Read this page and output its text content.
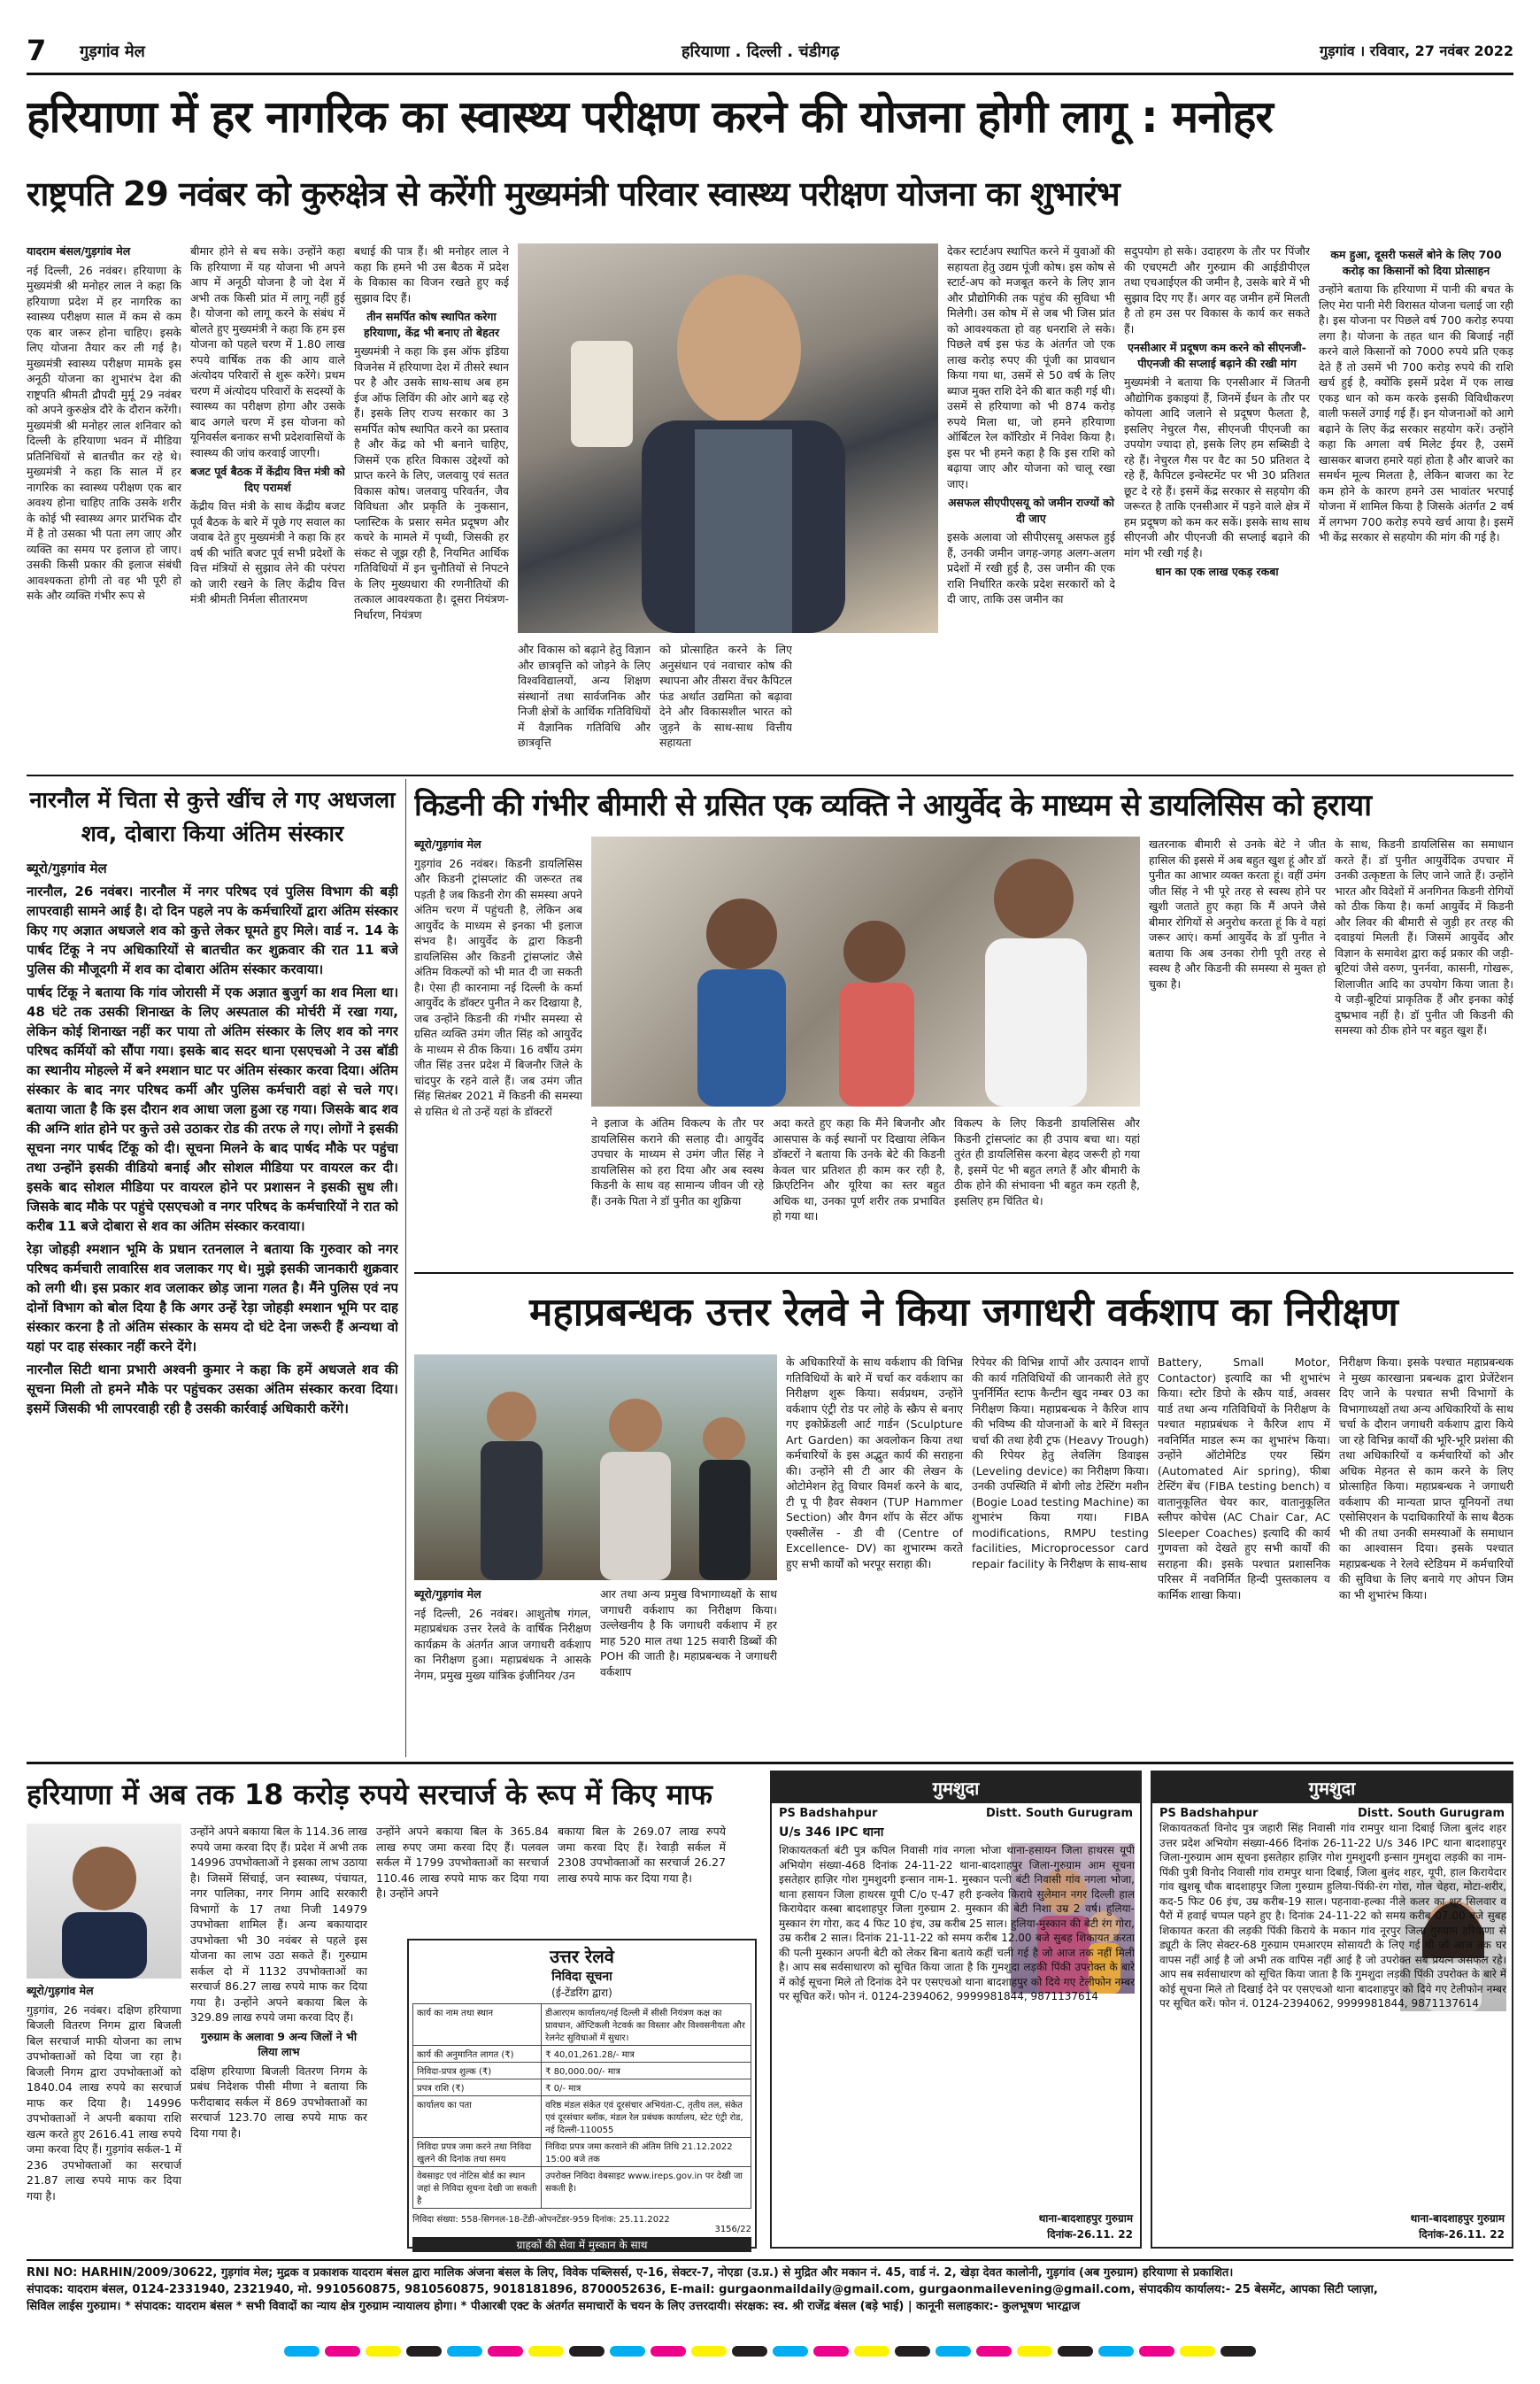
7 गुड़गांव मेल	हरियाणा . दिल्ली . चंडीगढ़	गुड़गांव । रविवार, 27 नवंबर 2022
हरियाणा में हर नागरिक का स्वास्थ्य परीक्षण करने की योजना होगी लागू : मनोहर
राष्ट्रपति 29 नवंबर को कुरुक्षेत्र से करेंगी मुख्यमंत्री परिवार स्वास्थ्य परीक्षण योजना का शुभारंभ

यादराम बंसल/गुड़गांव मेल

नई दिल्ली, 26 नवंबर। हरियाणा के मुख्यमंत्री श्री मनोहर लाल ने कहा कि हरियाणा प्रदेश में हर नागरिक का स्वास्थ्य परीक्षण साल में कम से कम एक बार जरूर होना चाहिए। इसके लिए योजना तैयार कर ली गई है। मुख्यमंत्री स्वास्थ्य परीक्षण मामके इस अनूठी योजना का शुभारंभ देश की राष्ट्रपति श्रीमती द्रौपदी मुर्मू 29 नवंबर को अपने कुरुक्षेत्र दौरे के दौरान करेंगी। मुख्यमंत्री श्री मनोहर लाल शनिवार को दिल्ली के हरियाणा भवन में मीडिया प्रतिनिधियों से बातचीत कर रहे थे। मुख्यमंत्री ने कहा कि साल में हर नागरिक का स्वास्थ्य परीक्षण एक बार अवश्य होना चाहिए ताकि उसके शरीर के कोई भी स्वास्थ्य अगर प्रारंभिक दौर में है तो उसका भी पता लग जाए और व्यक्ति का समय पर इलाज हो जाए। उसकी किसी प्रकार की इलाज संबंधी आवश्यकता होगी तो वह भी पूरी हो सके और व्यक्ति गंभीर रूप से

बीमार होने से बच सके। उन्होंने कहा कि हरियाणा में यह योजना भी अपने आप में अनूठी योजना है जो देश में अभी तक किसी प्रांत में लागू नहीं हुई है। योजना को लागू करने के संबंध में बोलते हुए मुख्यमंत्री ने कहा कि हम इस योजना को पहले चरण में 1.80 लाख रुपये वार्षिक तक की आय वाले अंत्योदय परिवारों से शुरू करेंगे। प्रथम चरण में अंत्योदय परिवारों के सदस्यों के स्वास्थ्य का परीक्षण होगा और उसके बाद अगले चरण में इस योजना को यूनिवर्सल बनाकर सभी प्रदेशवासियों के स्वास्थ्य की जांच करवाई जाएगी।

बजट पूर्व बैठक में केंद्रीय वित्त मंत्री को दिए परामर्श

केंद्रीय वित्त मंत्री के साथ केंद्रीय बजट पूर्व बैठक के बारे में पूछे गए सवाल का जवाब देते हुए मुख्यमंत्री ने कहा कि हर वर्ष की भांति बजट पूर्व सभी प्रदेशों के वित्त मंत्रियों से सुझाव लेने की परंपरा को जारी रखने के लिए केंद्रीय वित्त मंत्री श्रीमती निर्मला सीतारमण

बधाई की पात्र हैं। श्री मनोहर लाल ने कहा कि हमने भी उस बैठक में प्रदेश के विकास का विजन रखते हुए कई सुझाव दिए हैं।

तीन समर्पित कोष स्थापित करेगा हरियाणा, केंद्र भी बनाए तो बेहतर

मुख्यमंत्री ने कहा कि इस ऑफ इंडिया विजनेस में हरियाणा देश में तीसरे स्थान पर है और उसके साथ-साथ अब हम ईज ऑफ लिविंग की ओर आगे बढ़ रहे हैं। इसके लिए राज्य सरकार का 3 समर्पित कोष स्थापित करने का प्रस्ताव है और केंद्र को भी बनाने चाहिए, जिसमें एक हरित विकास उद्देश्यों को प्राप्त करने के लिए, जलवायु एवं सतत विकास कोष। जलवायु परिवर्तन, जैव विविधता और प्रकृति के नुकसान, प्लास्टिक के प्रसार समेत प्रदूषण और कचरे के मामले में पृथ्वी, जिसकी हर संकट से जूझ रही है, नियमित आर्थिक गतिविधियों में इन चुनौतियों से निपटने के लिए मुख्यधारा की रणनीतियों की तत्काल आवश्यकता है। दूसरा नियंत्रण-निर्धारण, नियंत्रण

और विकास को बढ़ाने हेतु विज्ञान और छात्रवृत्ति को जोड़ने के लिए विश्वविद्यालयों, अन्य शिक्षण संस्थानों तथा सार्वजनिक और निजी क्षेत्रों के आर्थिक गतिविधियों में वैज्ञानिक गतिविधि और छात्रवृत्ति

को प्रोत्साहित करने के लिए अनुसंधान एवं नवाचार कोष की स्थापना और तीसरा वेंचर कैपिटल फंड अर्थात उद्यमिता को बढ़ावा देने और विकासशील भारत को जुड़ने के साथ-साथ वित्तीय सहायता

देकर स्टार्टअप स्थापित करने में युवाओं की सहायता हेतु उद्यम पूंजी कोष। इस कोष से स्टार्ट-अप को मजबूत करने के लिए ज्ञान और प्रौद्योगिकी तक पहुंच की सुविधा भी मिलेगी। उस कोष में से जब भी जिस प्रांत को आवश्यकता हो वह धनराशि ले सके। पिछले वर्ष इस फंड के अंतर्गत जो एक लाख करोड़ रुपए की पूंजी का प्रावधान किया गया था, उसमें से 50 वर्ष के लिए ब्याज मुक्त राशि देने की बात कही गई थी। उसमें से हरियाणा को भी 874 करोड़ रुपये मिला था, जो हमने हरियाणा ऑर्बिटल रेल कॉरिडोर में निवेश किया है। इस पर भी हमने कहा है कि इस राशि को बढ़ाया जाए और योजना को चालू रखा जाए।

असफल सीएपीएसयू को जमीन राज्यों को दी जाए

इसके अलावा जो सीपीएसयू असफल हुई हैं, उनकी जमीन जगह-जगह अलग-अलग प्रदेशों में रखी हुई है, उस जमीन की एक राशि निर्धारित करके प्रदेश सरकारों को दे दी जाए, ताकि उस जमीन का

सदुपयोग हो सके। उदाहरण के तौर पर पिंजौर की एचएमटी और गुरुग्राम की आईडीपीएल तथा एचआईएल की जमीन है, उसके बारे में भी सुझाव दिए गए हैं। अगर वह जमीन हमें मिलती है तो हम उस पर विकास के कार्य कर सकते हैं।

एनसीआर में प्रदूषण कम करने को सीएनजी-पीएनजी की सप्लाई बढ़ाने की रखी मांग

मुख्यमंत्री ने बताया कि एनसीआर में जितनी औद्योगिक इकाइयां हैं, जिनमें ईंधन के तौर पर कोयला आदि जलाने से प्रदूषण फैलता है, इसलिए नेचुरल गैस, सीएनजी पीएनजी का उपयोग ज्यादा हो, इसके लिए हम सब्सिडी दे रहे हैं। नेचुरल गैस पर वैट का 50 प्रतिशत दे रहे हैं, कैपिटल इन्वेस्टमेंट पर भी 30 प्रतिशत छूट दे रहे हैं। इसमें केंद्र सरकार से सहयोग की जरूरत है ताकि एनसीआर में पड़ने वाले क्षेत्र में हम प्रदूषण को कम कर सकें। इसके साथ साथ सीएनजी और पीएनजी की सप्लाई बढ़ाने की मांग भी रखी गई है।

धान का एक लाख एकड़ रकबा

कम हुआ, दूसरी फसलें बोने के लिए 700 करोड़ का किसानों को दिया प्रोत्साहन

उन्होंने बताया कि हरियाणा में पानी की बचत के लिए मेरा पानी मेरी विरासत योजना चलाई जा रही है। इस योजना पर पिछले वर्ष 700 करोड़ रुपया लगा है। योजना के तहत धान की बिजाई नहीं करने वाले किसानों को 7000 रुपये प्रति एकड़ देते हैं तो उसमें भी 700 करोड़ रुपये की राशि खर्च हुई है, क्योंकि इसमें प्रदेश में एक लाख एकड़ धान को कम करके इसकी विविधीकरण वाली फसलें उगाई गई हैं। इन योजनाओं को आगे बढ़ाने के लिए केंद्र सरकार सहयोग करें। उन्होंने कहा कि अगला वर्ष मिलेट ईयर है, उसमें खासकर बाजरा हमारे यहां होता है और बाजरे का समर्थन मूल्य मिलता है, लेकिन बाजरा का रेट कम होने के कारण हमने उस भावांतर भरपाई योजना में शामिल किया है जिसके अंतर्गत 2 वर्ष में लगभग 700 करोड़ रुपये खर्च आया है। इसमें भी केंद्र सरकार से सहयोग की मांग की गई है।

नारनौल में चिता से कुत्ते खींच ले गए अधजला शव, दोबारा किया अंतिम संस्कार

ब्यूरो/गुड़गांव मेल

नारनौल, 26 नवंबर। नारनौल में नगर परिषद एवं पुलिस विभाग की बड़ी लापरवाही सामने आई है। दो दिन पहले नप के कर्मचारियों द्वारा अंतिम संस्कार किए गए अज्ञात अधजले शव को कुत्ते लेकर घूमते हुए मिले। वार्ड न. 14 के पार्षद टिंकू ने नप अधिकारियों से बातचीत कर शुक्रवार की रात 11 बजे पुलिस की मौजूदगी में शव का दोबारा अंतिम संस्कार करवाया।

पार्षद टिंकू ने बताया कि गांव जोरासी में एक अज्ञात बुजुर्ग का शव मिला था। 48 घंटे तक उसकी शिनाख्त के लिए अस्पताल की मोर्चरी में रखा गया, लेकिन कोई शिनाख्त नहीं कर पाया तो अंतिम संस्कार के लिए शव को नगर परिषद कर्मियों को सौंपा गया। इसके बाद सदर थाना एसएचओ ने उस बॉडी का स्थानीय मोहल्ले में बने श्मशान घाट पर अंतिम संस्कार करवा दिया। अंतिम संस्कार के बाद नगर परिषद कर्मी और पुलिस कर्मचारी वहां से चले गए। बताया जाता है कि इस दौरान शव आधा जला हुआ रह गया। जिसके बाद शव की अग्नि शांत होने पर कुत्ते उसे उठाकर रोड की तरफ ले गए। लोगों ने इसकी सूचना नगर पार्षद टिंकू को दी। सूचना मिलने के बाद पार्षद मौके पर पहुंचा तथा उन्होंने इसकी वीडियो बनाई और सोशल मीडिया पर वायरल कर दी। इसके बाद सोशल मीडिया पर वायरल होने पर प्रशासन ने इसकी सुध ली। जिसके बाद मौके पर पहुंचे एसएचओ व नगर परिषद के कर्मचारियों ने रात को करीब 11 बजे दोबारा से शव का अंतिम संस्कार करवाया।

रेड़ा जोहड़ी श्मशान भूमि के प्रधान रतनलाल ने बताया कि गुरुवार को नगर परिषद कर्मचारी लावारिस शव जलाकर गए थे। मुझे इसकी जानकारी शुक्रवार को लगी थी। इस प्रकार शव जलाकर छोड़ जाना गलत है। मैंने पुलिस एवं नप दोनों विभाग को बोल दिया है कि अगर उन्हें रेड़ा जोहड़ी श्मशान भूमि पर दाह संस्कार करना है तो अंतिम संस्कार के समय दो घंटे देना जरूरी हैं अन्यथा वो यहां पर दाह संस्कार नहीं करने देंगे।

नारनौल सिटी थाना प्रभारी अश्वनी कुमार ने कहा कि हमें अधजले शव की सूचना मिली तो हमने मौके पर पहुंचकर उसका अंतिम संस्कार करवा दिया। इसमें जिसकी भी लापरवाही रही है उसकी कार्रवाई अधिकारी करेंगे।

किडनी की गंभीर बीमारी से ग्रसित एक व्यक्ति ने आयुर्वेद के माध्यम से डायलिसिस को हराया

ब्यूरो/गुड़गांव मेल

गुड़गांव 26 नवंबर। किडनी डायलिसिस और किडनी ट्रांसप्लांट की जरूरत तब पड़ती है जब किडनी रोग की समस्या अपने अंतिम चरण में पहुंचती है, लेकिन अब आयुर्वेद के माध्यम से इनका भी इलाज संभव है। आयुर्वेद के द्वारा किडनी डायलिसिस और किडनी ट्रांसप्लांट जैसे अंतिम विकल्पों को भी मात दी जा सकती है। ऐसा ही कारनामा नई दिल्ली के कर्मा आयुर्वेद के डॉक्टर पुनीत ने कर दिखाया है, जब उन्होंने किडनी की गंभीर समस्या से ग्रसित व्यक्ति उमंग जीत सिंह को आयुर्वेद के माध्यम से ठीक किया। 16 वर्षीय उमंग जीत सिंह उत्तर प्रदेश में बिजनौर जिले के चांदपुर के रहने वाले हैं। जब उमंग जीत सिंह सितंबर 2021 में किडनी की समस्या से ग्रसित थे तो उन्हें यहां के डॉक्टरों

ने इलाज के अंतिम विकल्प के तौर पर डायलिसिस कराने की सलाह दी। आयुर्वेद उपचार के माध्यम से उमंग जीत सिंह ने डायलिसिस को हरा दिया और अब स्वस्थ किडनी के साथ वह सामान्य जीवन जी रहे हैं। उनके पिता ने डॉ पुनीत का शुक्रिया

अदा करते हुए कहा कि मैंने बिजनौर और आसपास के कई स्थानों पर दिखाया लेकिन डॉक्टरों ने बताया कि उनके बेटे की किडनी केवल चार प्रतिशत ही काम कर रही है, क्रिएटिनिन और यूरिया का स्तर बहुत अधिक था, उनका पूर्ण शरीर तक प्रभावित हो गया था।

विकल्प के लिए किडनी डायलिसिस और किडनी ट्रांसप्लांट का ही उपाय बचा था। यहां तुरंत ही डायलिसिस करना बेहद जरूरी हो गया है, इसमें पेट भी बहुत लगते हैं और बीमारी के ठीक होने की संभावना भी बहुत कम रहती है, इसलिए हम चिंतित थे।

खतरनाक बीमारी से उनके बेटे ने जीत हासिल की इससे में अब बहुत खुश हूं और डॉ पुनीत का आभार व्यक्त करता हूं। वहीं उमंग जीत सिंह ने भी पूरे तरह से स्वस्थ होने पर खुशी जताते हुए कहा कि मैं अपने जैसे बीमार रोगियों से अनुरोध करता हूं कि वे यहां जरूर आएं। कर्मा आयुर्वेद के डॉ पुनीत ने बताया कि अब उनका रोगी पूरी तरह से स्वस्थ है और किडनी की समस्या से मुक्त हो चुका है।

के साथ, किडनी डायलिसिस का समाधान करते हैं। डॉ पुनीत आयुर्वेदिक उपचार में उनकी उत्कृष्टता के लिए जाने जाते हैं। उन्होंने भारत और विदेशों में अनगिनत किडनी रोगियों को ठीक किया है। कर्मा आयुर्वेद में किडनी और लिवर की बीमारी से जुड़ी हर तरह की दवाइयां मिलती हैं। जिसमें आयुर्वेद और विज्ञान के समावेश द्वारा कई प्रकार की जड़ी-बूटियां जैसे वरुण, पुनर्नवा, कासनी, गोखरू, शिलाजीत आदि का उपयोग किया जाता है। ये जड़ी-बूटियां प्राकृतिक हैं और इनका कोई दुष्प्रभाव नहीं है। डॉ पुनीत जी किडनी की समस्या को ठीक होने पर बहुत खुश हैं।

महाप्रबन्धक उत्तर रेलवे ने किया जगाधरी वर्कशाप का निरीक्षण

ब्यूरो/गुड़गांव मेल

नई दिल्ली, 26 नवंबर। आशुतोष गंगल, महाप्रबंधक उत्तर रेलवे के वार्षिक निरीक्षण कार्यक्रम के अंतर्गत आज जगाधरी वर्कशाप का निरीक्षण हुआ। महाप्रबंधक ने आसके नेगम, प्रमुख मुख्य यांत्रिक इंजीनियर /उन

आर तथा अन्य प्रमुख विभागाध्यक्षों के साथ जगाधरी वर्कशाप का निरीक्षण किया। उल्लेखनीय है कि जगाधरी वर्कशाप में हर माह 520 माल तथा 125 सवारी डिब्बों की POH की जाती है। महाप्रबन्धक ने जगाधरी वर्कशाप

के अधिकारियों के साथ वर्कशाप की विभिन्न गतिविधियों के बारे में चर्चा कर वर्कशाप का निरीक्षण शुरू किया। सर्वप्रथम, उन्होंने वर्कशाप एंट्री रोड पर लोहे के स्क्रैप से बनाए गए इकोफ्रेंडली आर्ट गार्डन (Sculpture Art Garden) का अवलोकन किया तथा कर्मचारियों के इस अद्भुत कार्य की सराहना की। उन्होंने सी टी आर की लेखन के ओटोमेशन हेतु विचार विमर्श करने के बाद, टी पू पी हैवर सेक्शन (TUP Hammer Section) और वैगन शॉप के सेंटर ऑफ एक्सीलेंस - डी वी (Centre of Excellence- DV) का शुभारम्भ करते हुए सभी कार्यों को भरपूर सराहा की।

रिपेयर की विभिन्न शापों और उत्पादन शापों की कार्य गतिविधियों की जानकारी लेते हुए पुनर्निर्मित स्टाफ कैन्टीन खुद नम्बर 03 का निरीक्षण किया। महाप्रबन्धक ने कैरिज शाप की भविष्य की योजनाओं के बारे में विस्तृत चर्चा की तथा हेवी ट्रफ (Heavy Trough) की रिपेयर हेतु लेवलिंग डिवाइस (Leveling device) का निरीक्षण किया। उनकी उपस्थिति में बोगी लोड टेस्टिंग मशीन (Bogie Load testing Machine) का शुभारंभ किया गया। FIBA modifications, RMPU testing facilities, Microprocessor card repair facility के निरीक्षण के साथ-साथ

Battery, Small Motor, Contactor) इत्यादि का भी शुभारंभ किया। स्टोर डिपो के स्क्रैप यार्ड, अवसर यार्ड तथा अन्य गतिविधियों के निरीक्षण के पश्चात महाप्रबंधक ने कैरिज शाप में नवनिर्मित माडल रूम का शुभारंभ किया। उन्होंने ऑटोमेटिड एयर स्प्रिंग (Automated Air spring), फीबा टेस्टिंग बेंच (FIBA testing bench) व वातानुकूलित चेयर कार, वातानुकूलित स्लीपर कोचेस (AC Chair Car, AC Sleeper Coaches) इत्यादि की कार्य गुणवत्ता को देखते हुए सभी कार्यों की सराहना की। इसके पश्चात प्रशासनिक परिसर में नवनिर्मित हिन्दी पुस्तकालय व कार्मिक शाखा किया।

निरीक्षण किया। इसके पश्चात महाप्रबन्धक ने मुख्य कारखाना प्रबन्धक द्वारा प्रेजेंटेशन दिए जाने के पश्चात सभी विभागों के विभागाध्यक्षों तथा अन्य अधिकारियों के साथ चर्चा के दौरान जगाधरी वर्कशाप द्वारा किये जा रहे विभिन्न कार्यों की भूरि-भूरि प्रशंसा की तथा अधिकारियों व कर्मचारियों को और अधिक मेहनत से काम करने के लिए प्रोत्साहित किया। महाप्रबन्धक ने जगाधरी वर्कशाप की मान्यता प्राप्त यूनियनों तथा एसोसिएशन के पदाधिकारियों के साथ बैठक भी की तथा उनकी समस्याओं के समाधान का आश्वासन दिया। इसके पश्चात महाप्रबन्धक ने रेलवे स्टेडियम में कर्मचारियों की सुविधा के लिए बनाये गए ओपन जिम का भी शुभारंभ किया।

हरियाणा में अब तक 18 करोड़ रुपये सरचार्ज के रूप में किए माफ

ब्यूरो/गुड़गांव मेल

गुड़गांव, 26 नवंबर। दक्षिण हरियाणा बिजली वितरण निगम द्वारा बिजली बिल सरचार्ज माफी योजना का लाभ उपभोक्ताओं को दिया जा रहा है। बिजली निगम द्वारा उपभोक्ताओं को 1840.04 लाख रुपये का सरचार्ज माफ कर दिया है। 14996 उपभोक्ताओं ने अपनी बकाया राशि खत्म करते हुए 2616.41 लाख रुपये जमा करवा दिए हैं। गुड़गांव सर्कल-1 में 236 उपभोक्ताओं का सरचार्ज 21.87 लाख रुपये माफ कर दिया गया है।

उन्होंने अपने बकाया बिल के 114.36 लाख रुपये जमा करवा दिए हैं। प्रदेश में अभी तक 14996 उपभोक्ताओं ने इसका लाभ उठाया है। जिसमें सिंचाई, जन स्वास्थ्य, पंचायत, नगर पालिका, नगर निगम आदि सरकारी विभागों के 17 तथा निजी 14979 उपभोक्ता शामिल हैं। अन्य बकायादार उपभोक्ता भी 30 नवंबर से पहले इस योजना का लाभ उठा सकते हैं। गुरुग्राम सर्कल दो में 1132 उपभोक्ताओं का सरचार्ज 86.27 लाख रुपये माफ कर दिया गया है। उन्होंने अपने बकाया बिल के 329.89 लाख रुपये जमा करवा दिए हैं।

गुरुग्राम के अलावा 9 अन्य जिलों ने भी लिया लाभ

दक्षिण हरियाणा बिजली वितरण निगम के प्रबंध निदेशक पीसी मीणा ने बताया कि फरीदाबाद सर्कल में 869 उपभोक्ताओं का सरचार्ज 123.70 लाख रुपये माफ कर दिया गया है।

उन्होंने अपने बकाया बिल के 365.84 लाख रुपए जमा करवा दिए हैं। पलवल सर्कल में 1799 उपभोक्ताओं का सरचार्ज 110.46 लाख रुपये माफ कर दिया गया है। उन्होंने अपने

बकाया बिल के 269.07 लाख रुपये जमा करवा दिए हैं। रेवाड़ी सर्कल में 2308 उपभोक्ताओं का सरचार्ज 26.27 लाख रुपये माफ कर दिया गया है।

उत्तर रेलवे
निविदा सूचना
(ई-टेंडरिंग द्वारा)
कार्य का नाम तथा स्थान	डीआरएम कार्यालय/नई दिल्ली में सीसी नियंत्रण कक्ष का प्रावधान, ऑप्टिकली नेटवर्क का विस्तार और विश्वसनीयता और रेलनेट सुविधाओं में सुधार।
कार्य की अनुमानित लागत (₹)	₹ 40,01,261.28/- मात्र
निविदा-प्रपत्र शुल्क (₹)	₹ 80,000.00/- मात्र
प्रपत्र राशि (₹)	₹ 0/- मात्र
कार्यालय का पता	वरिष्ठ मंडल संकेत एवं दूरसंचार अभियंता-C, तृतीय तल, संकेत एवं दूरसंचार ब्लॉक, मंडल रेल प्रबंधक कार्यालय, स्टेट एंट्री रोड, नई दिल्ली-110055
निविदा प्रपत्र जमा करने तथा निविदा खुलने की दिनांक तथा समय	निविदा प्रपत्र जमा करवाने की अंतिम तिथि 21.12.2022 15:00 बजे तक
वेबसाइट एवं नोटिस बोर्ड का स्थान जहां से निविदा सूचना देखी जा सकती है	उपरोक्त निविदा वेबसाइट www.ireps.gov.in पर देखी जा सकती है।
निविदा संख्या: 558-सिगनल-18-टेंडी-ओपनटेंडर-959 दिनांक: 25.11.2022
3156/22
ग्राहकों की सेवा में मुस्कान के साथ
गुमशुदा
PS Badshahpur	Distt. South Gurugram
U/s 346 IPC थाना
शिकायतकर्ता बंटी पुत्र कपिल निवासी गांव नगला भोजा थाना-हसायन जिला हाथरस यूपी अभियोग संख्या-468 दिनांक 24-11-22 थाना-बादशाहपुर जिला-गुरुग्राम आम सूचना इसतेहार हाज़िर गोश गुमशुदगी इन्सान नाम-1. मुस्कान पत्नी बंटी निवासी गांव नगला भोजा, थाना हसायन जिला हाथरस यूपी C/o ए-47 हरी इन्क्लेव किराये सुलेमान नगर दिल्ली हाल किरायेदार कस्बा बादशाहपुर जिला गुरुग्राम 2. मुस्कान की बेटी निशा उम्र 2 वर्ष। हुलिया-मुस्कान रंग गोरा, कद 4 फिट 10 इंच, उम्र करीब 25 साल। हुलिया-मुस्कान की बेटी रंग गोरा, उम्र करीब 2 साल। दिनांक 21-11-22 को समय करीब 12.00 बजे सुबह शिकायत करता की पत्नी मुस्कान अपनी बेटी को लेकर बिना बताये कहीं चली गई है जो आज तक नहीं मिली है। आप सब सर्वसाधारण को सूचित किया जाता है कि गुमशुदा लड़की पिंकी उपरोक्त के बारे में कोई सूचना मिले तो दिनांक देने पर एसएचओ थाना बादशाहपुर को दिये गए टेलीफोन नम्बर पर सूचित करें। फोन नं. 0124-2394062, 9999981844, 9871137614
थाना-बादशाहपुर गुरुग्राम
दिनांक-26.11. 22
गुमशुदा
PS Badshahpur	Distt. South Gurugram
शिकायतकर्ता विनोद पुत्र जहारी सिंह निवासी गांव रामपुर थाना दिबाई जिला बुलंद शहर उत्तर प्रदेश अभियोग संख्या-466 दिनांक 26-11-22 U/s 346 IPC थाना बादशाहपुर जिला-गुरुग्राम आम सूचना इसतेहार हाज़िर गोश गुमशुदगी इन्सान गुमशुदा लड़की का नाम- पिंकी पुत्री विनोद निवासी गांव रामपुर थाना दिबाई, जिला बुलंद शहर, यूपी, हाल किरायेदार गांव खुशबू चौक बादशाहपुर जिला गुरुग्राम हुलिया-पिंकी-रंग गोरा, गोल चेहरा, मोटा-शरीर, कद-5 फिट 06 इंच, उम्र करीब-19 साल। पहनावा-हल्का नीले कलर का शूट सिलवार व पैरों में हवाई चप्पल पहने हुए है। दिनांक 24-11-22 को समय करीब 07.00 बजे सुबह शिकायत करता की लड़की पिंकी किराये के मकान गांव नूरपुर जिला गुरुग्राम हरियाणा से ड्यूटी के लिए सेक्टर-68 गुरुग्राम एमआरएम सोसायटी के लिए गई थी जो आज तक घर वापस नहीं आई है जो अभी तक वापिस नहीं आई है जो उपरोक्त सब प्रयत्न असफल रहे। आप सब सर्वसाधारण को सूचित किया जाता है कि गुमशुदा लड़की पिंकी उपरोक्त के बारे में कोई सूचना मिले तो दिखाई देने पर एसएचओ थाना बादशाहपुर को दिये गए टेलीफोन नम्बर पर सूचित करें। फोन नं. 0124-2394062, 9999981844, 9871137614
थाना-बादशाहपुर गुरुग्राम
दिनांक-26.11. 22
RNI NO: HARHIN/2009/30622, गुड़गांव मेल; मुद्रक व प्रकाशक यादराम बंसल द्वारा मालिक अंजना बंसल के लिए, विवेक पब्लिसर्स, ए-16, सेक्टर-7, नोएडा (उ.प्र.) से मुद्रित और मकान नं. 45, वार्ड नं. 2, खेड़ा देवत कालोनी, गुड़गांव (अब गुरुग्राम) हरियाणा से प्रकाशित।
संपादक: यादराम बंसल, 0124-2331940, 2321940, मो. 9910560875, 9810560875, 9018181896, 8700052636, E-mail: gurgaonmaildaily@gmail.com, gurgaonmailevening@gmail.com, संपादकीय कार्यालय:- 25 बेसमेंट, आपका सिटी प्लाज़ा,
सिविल लाईस गुरुग्राम। * संपादक: यादराम बंसल * सभी विवादों का न्याय क्षेत्र गुरुग्राम न्यायालय होगा। * पीआरबी एक्ट के अंतर्गत समाचारों के चयन के लिए उत्तरदायी। संरक्षक: स्व. श्री राजेंद्र बंसल (बड़े भाई) | कानूनी सलाहकार:- कुलभूषण भारद्वाज
